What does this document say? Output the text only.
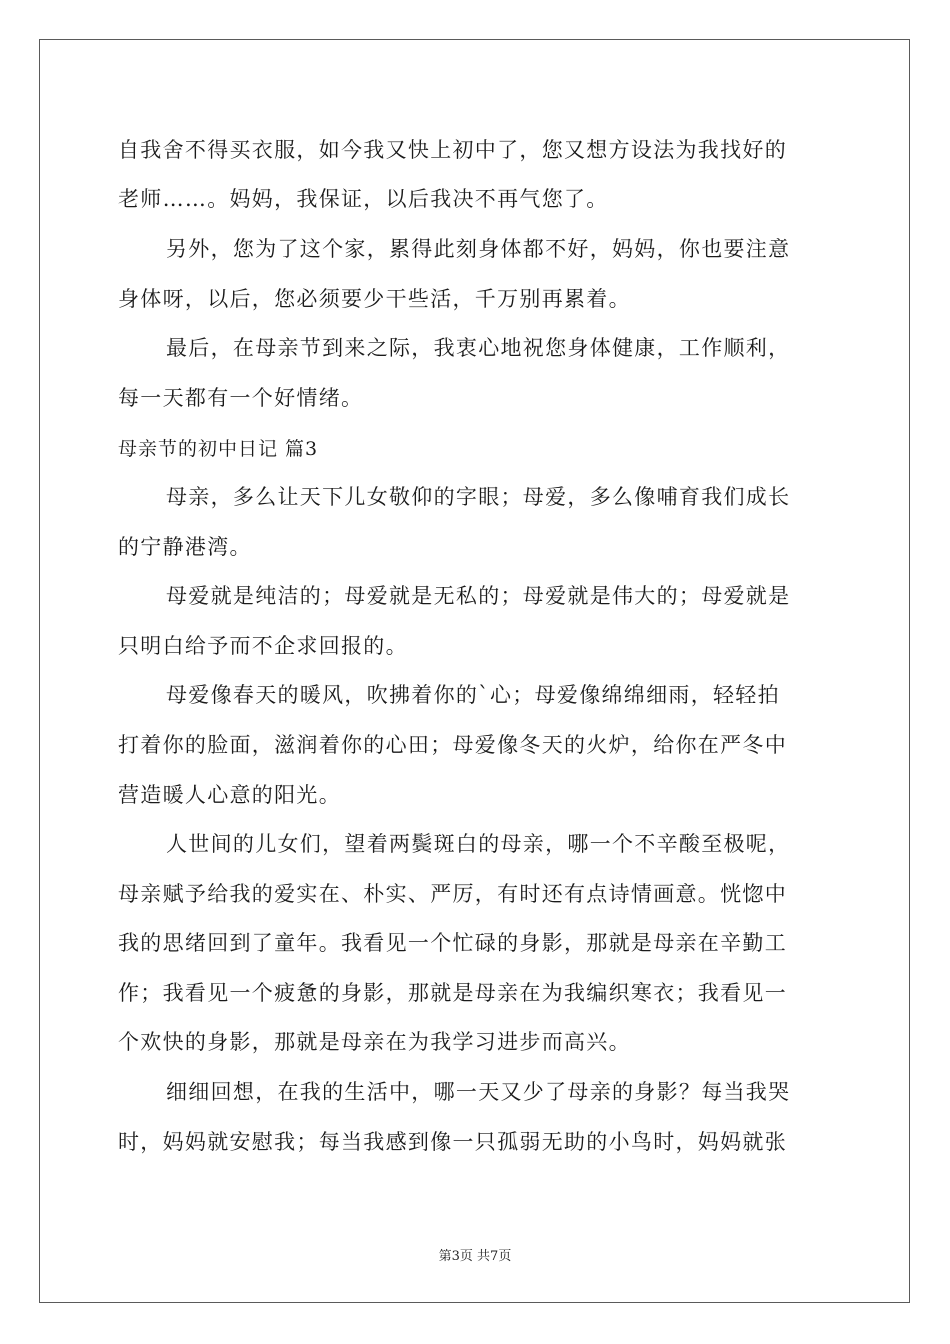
自我舍不得买衣服，如今我又快上初中了，您又想方设法为我找好的
老师……。妈妈，我保证，以后我决不再气您了。
另外，您为了这个家，累得此刻身体都不好，妈妈，你也要注意
身体呀，以后，您必须要少干些活，千万别再累着。
最后，在母亲节到来之际，我衷心地祝您身体健康，工作顺利，
每一天都有一个好情绪。
母亲节的初中日记 篇3
母亲，多么让天下儿女敬仰的字眼；母爱，多么像哺育我们成长
的宁静港湾。
母爱就是纯洁的；母爱就是无私的；母爱就是伟大的；母爱就是
只明白给予而不企求回报的。
母爱像春天的暖风，吹拂着你的`心；母爱像绵绵细雨，轻轻拍
打着你的脸面，滋润着你的心田；母爱像冬天的火炉，给你在严冬中
营造暖人心意的阳光。
人世间的儿女们，望着两鬓斑白的母亲，哪一个不辛酸至极呢，
母亲赋予给我的爱实在、朴实、严厉，有时还有点诗情画意。恍惚中
我的思绪回到了童年。我看见一个忙碌的身影，那就是母亲在辛勤工
作；我看见一个疲惫的身影，那就是母亲在为我编织寒衣；我看见一
个欢快的身影，那就是母亲在为我学习进步而高兴。
细细回想，在我的生活中，哪一天又少了母亲的身影？每当我哭
时，妈妈就安慰我；每当我感到像一只孤弱无助的小鸟时，妈妈就张
第3页 共7页
